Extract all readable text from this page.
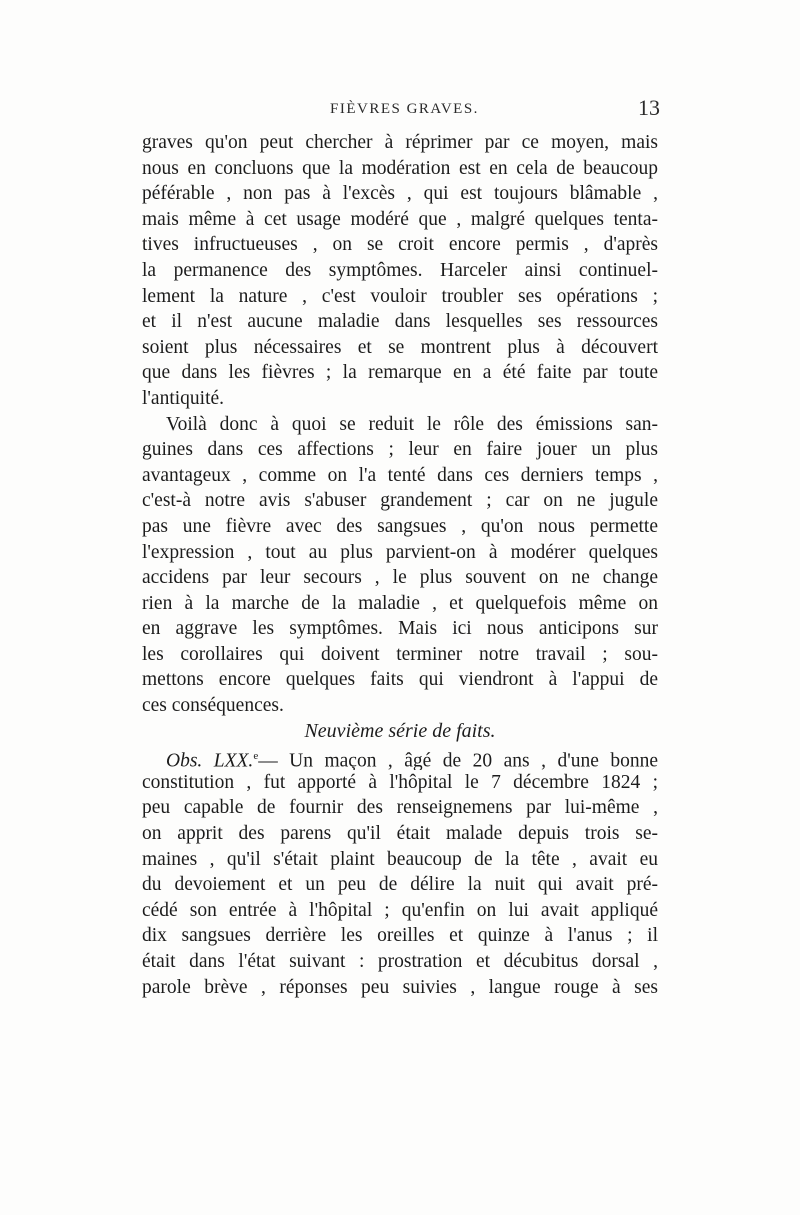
FIÈVRES GRAVES.	13
graves qu'on peut chercher à réprimer par ce moyen, mais
nous en concluons que la modération est en cela de beaucoup
péférable , non pas à l'excès , qui est toujours blâmable ,
mais même à cet usage modéré que , malgré quelques tenta-
tives infructueuses , on se croit encore permis , d'après
la permanence des symptômes. Harceler ainsi continuel-
lement la nature , c'est vouloir troubler ses opérations ;
et il n'est aucune maladie dans lesquelles ses ressources
soient plus nécessaires et se montrent plus à découvert
que dans les fièvres ; la remarque en a été faite par toute
l'antiquité.
Voilà donc à quoi se reduit le rôle des émissions san-
guines dans ces affections ; leur en faire jouer un plus
avantageux , comme on l'a tenté dans ces derniers temps ,
c'est-à notre avis s'abuser grandement ; car on ne jugule
pas une fièvre avec des sangsues , qu'on nous permette
l'expression , tout au plus parvient-on à modérer quelques
accidens par leur secours , le plus souvent on ne change
rien à la marche de la maladie , et quelquefois même on
en aggrave les symptômes. Mais ici nous anticipons sur
les corollaires qui doivent terminer notre travail ; sou-
mettons encore quelques faits qui viendront à l'appui de
ces conséquences.
Neuvième série de faits.
Obs. LXX.$^e$— Un maçon , âgé de 20 ans , d'une bonne
constitution , fut apporté à l'hôpital le 7 décembre 1824 ;
peu capable de fournir des renseignemens par lui-même ,
on apprit des parens qu'il était malade depuis trois se-
maines , qu'il s'était plaint beaucoup de la tête , avait eu
du devoiement et un peu de délire la nuit qui avait pré-
cédé son entrée à l'hôpital ; qu'enfin on lui avait appliqué
dix sangsues derrière les oreilles et quinze à l'anus ; il
était dans l'état suivant : prostration et décubitus dorsal ,
parole brève , réponses peu suivies , langue rouge à ses
